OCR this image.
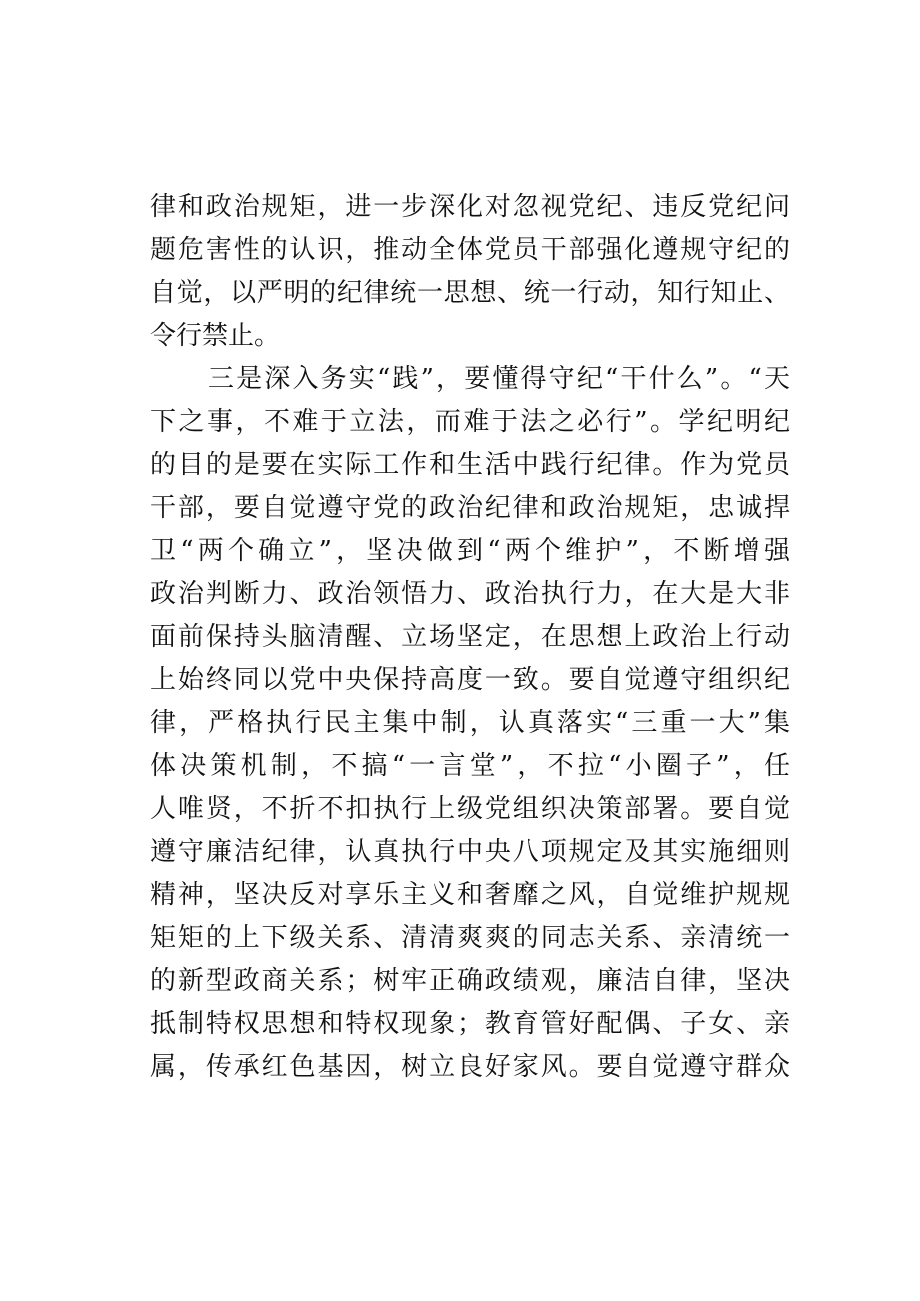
律和政治规矩，进一步深化对忽视党纪、违反党纪问
题危害性的认识，推动全体党员干部强化遵规守纪的
自觉，以严明的纪律统一思想、统一行动，知行知止、
令行禁止。
三是深入务实“践”，要懂得守纪“干什么”。“天
下之事，不难于立法，而难于法之必行”。学纪明纪
的目的是要在实际工作和生活中践行纪律。作为党员
干部，要自觉遵守党的政治纪律和政治规矩，忠诚捍
卫“两个确立”，坚决做到“两个维护”，不断增强
政治判断力、政治领悟力、政治执行力，在大是大非
面前保持头脑清醒、立场坚定，在思想上政治上行动
上始终同以党中央保持高度一致。要自觉遵守组织纪
律，严格执行民主集中制，认真落实“三重一大”集
体决策机制，不搞“一言堂”，不拉“小圈子”，任
人唯贤，不折不扣执行上级党组织决策部署。要自觉
遵守廉洁纪律，认真执行中央八项规定及其实施细则
精神，坚决反对享乐主义和奢靡之风，自觉维护规规
矩矩的上下级关系、清清爽爽的同志关系、亲清统一
的新型政商关系；树牢正确政绩观，廉洁自律，坚决
抵制特权思想和特权现象；教育管好配偶、子女、亲
属，传承红色基因，树立良好家风。要自觉遵守群众
